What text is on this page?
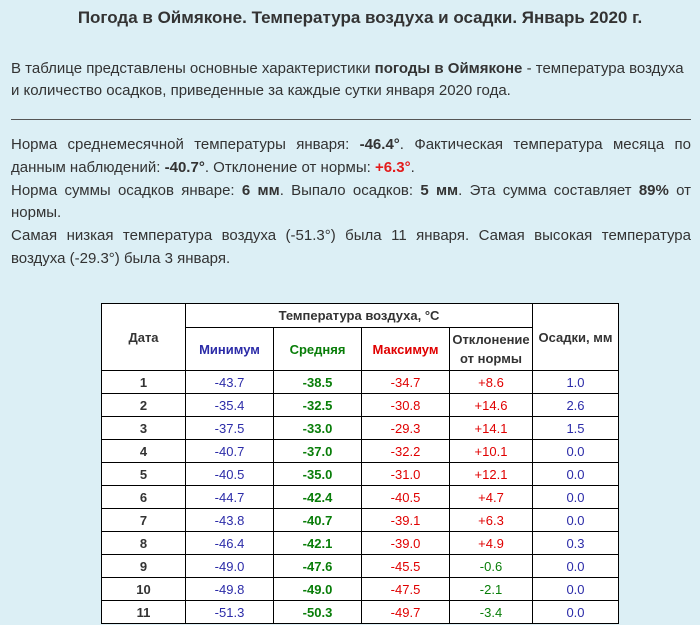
Погода в Оймяконе. Температура воздуха и осадки. Январь 2020 г.
В таблице представлены основные характеристики погоды в Оймяконе - температура воздуха и количество осадков, приведенные за каждые сутки января 2020 года.

Норма среднемесячной температуры января: -46.4°. Фактическая температура месяца по данным наблюдений: -40.7°. Отклонение от нормы: +6.3°.

Норма суммы осадков январе: 6 мм. Выпало осадков: 5 мм. Эта сумма составляет 89% от нормы.

Самая низкая температура воздуха (-51.3°) была 11 января. Самая высокая температура воздуха (-29.3°) была 3 января.

Дата	Температура воздуха, °С				Осадки, мм
	Минимум	Средняя	Максимум	Отклонение
от нормы	

1	-43.7	-38.5	-34.7	+8.6	1.0
2	-35.4	-32.5	-30.8	+14.6	2.6
3	-37.5	-33.0	-29.3	+14.1	1.5
4	-40.7	-37.0	-32.2	+10.1	0.0
5	-40.5	-35.0	-31.0	+12.1	0.0
6	-44.7	-42.4	-40.5	+4.7	0.0
7	-43.8	-40.7	-39.1	+6.3	0.0
8	-46.4	-42.1	-39.0	+4.9	0.3
9	-49.0	-47.6	-45.5	-0.6	0.0
10	-49.8	-49.0	-47.5	-2.1	0.0
11	-51.3	-50.3	-49.7	-3.4	0.0
